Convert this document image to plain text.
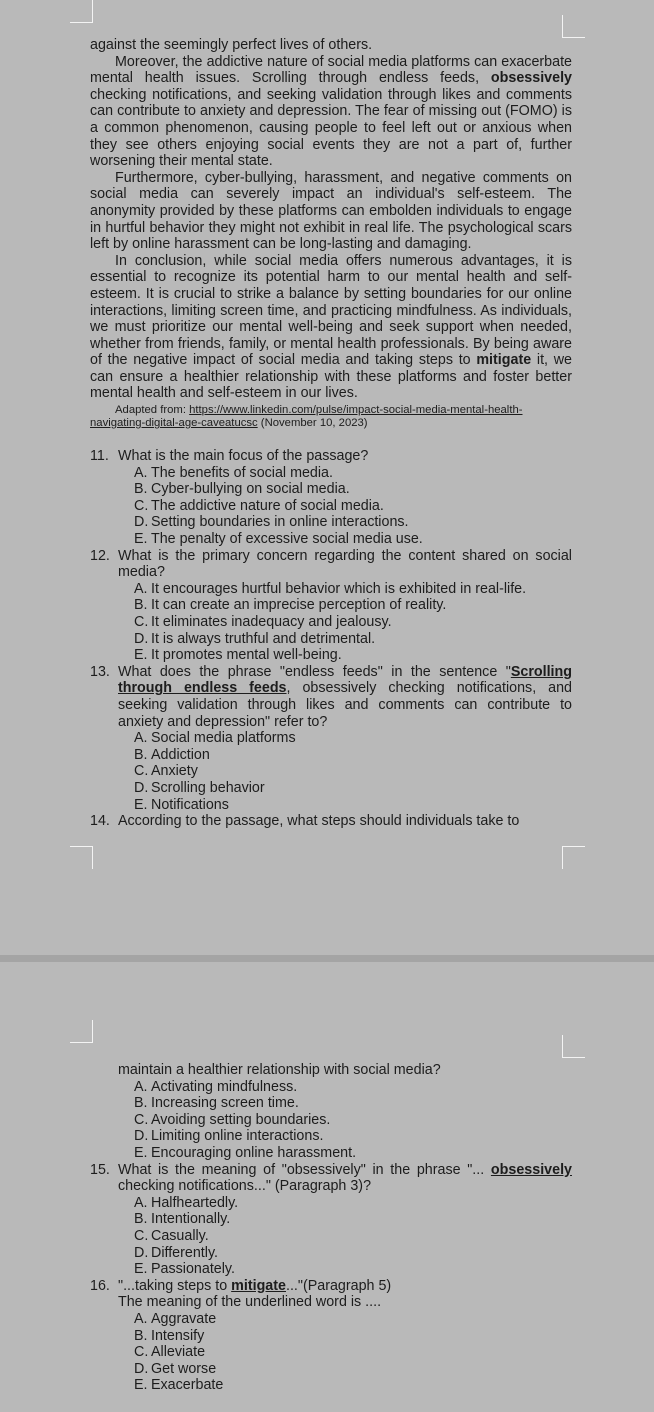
against the seemingly perfect lives of others.

Moreover, the addictive nature of social media platforms can exacerbate mental health issues. Scrolling through endless feeds, obsessively checking notifications, and seeking validation through likes and comments can contribute to anxiety and depression. The fear of missing out (FOMO) is a common phenomenon, causing people to feel left out or anxious when they see others enjoying social events they are not a part of, further worsening their mental state.

Furthermore, cyber-bullying, harassment, and negative comments on social media can severely impact an individual's self-esteem. The anonymity provided by these platforms can embolden individuals to engage in hurtful behavior they might not exhibit in real life. The psychological scars left by online harassment can be long-lasting and damaging.

In conclusion, while social media offers numerous advantages, it is essential to recognize its potential harm to our mental health and self-esteem. It is crucial to strike a balance by setting boundaries for our online interactions, limiting screen time, and practicing mindfulness. As individuals, we must prioritize our mental well-being and seek support when needed, whether from friends, family, or mental health professionals. By being aware of the negative impact of social media and taking steps to mitigate it, we can ensure a healthier relationship with these platforms and foster better mental health and self-esteem in our lives.

Adapted from: https://www.linkedin.com/pulse/impact-social-media-mental-health-navigating-digital-age-caveatucsc (November 10, 2023)

11. What is the main focus of the passage?
A. The benefits of social media.
B. Cyber-bullying on social media.
C. The addictive nature of social media.
D. Setting boundaries in online interactions.
E. The penalty of excessive social media use.
12. What is the primary concern regarding the content shared on social media?
A. It encourages hurtful behavior which is exhibited in real-life.
B. It can create an imprecise perception of reality.
C. It eliminates inadequacy and jealousy.
D. It is always truthful and detrimental.
E. It promotes mental well-being.
13. What does the phrase "endless feeds" in the sentence "Scrolling through endless feeds, obsessively checking notifications, and seeking validation through likes and comments can contribute to anxiety and depression" refer to?
A. Social media platforms
B. Addiction
C. Anxiety
D. Scrolling behavior
E. Notifications
14. According to the passage, what steps should individuals take to

maintain a healthier relationship with social media?

A. Activating mindfulness.
B. Increasing screen time.
C. Avoiding setting boundaries.
D. Limiting online interactions.
E. Encouraging online harassment.
15. What is the meaning of "obsessively" in the phrase "... obsessively checking notifications..." (Paragraph 3)?
A. Halfheartedly.
B. Intentionally.
C. Casually.
D. Differently.
E. Passionately.
16. "...taking steps to mitigate..."(Paragraph 5)

The meaning of the underlined word is ....

A. Aggravate
B. Intensify
C. Alleviate
D. Get worse
E. Exacerbate
